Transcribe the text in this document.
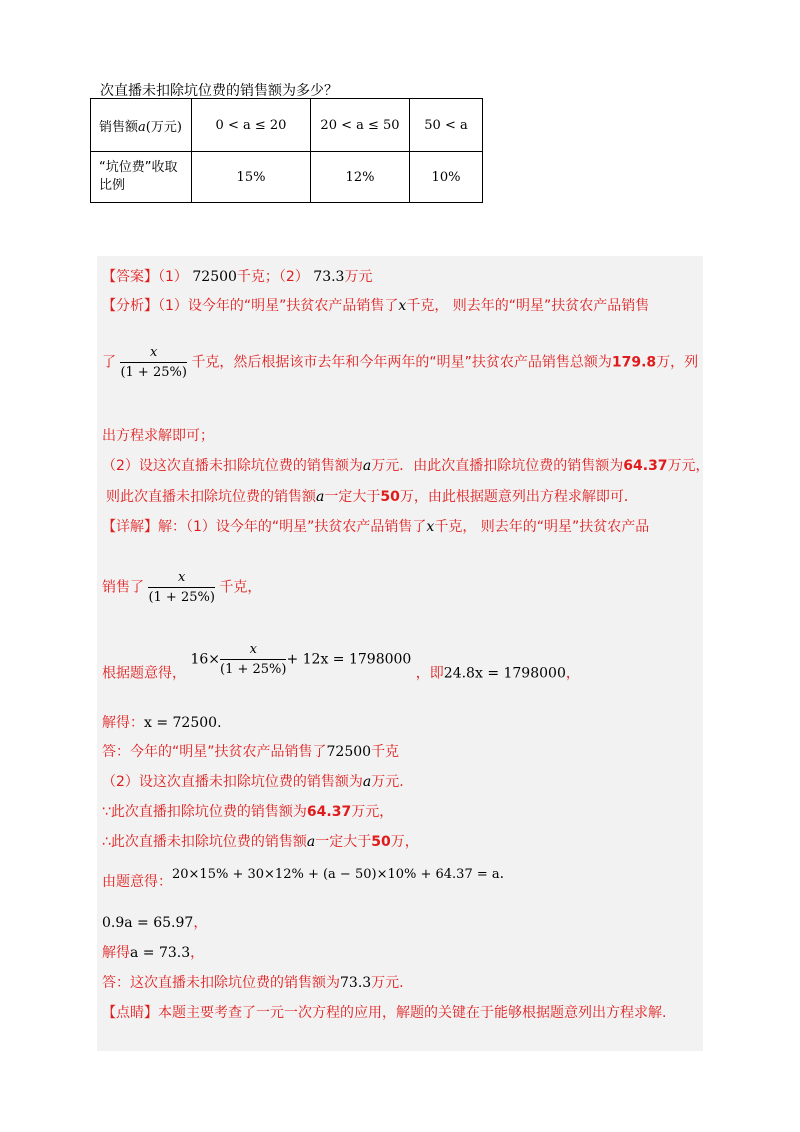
次直播未扣除坑位费的销售额为多少？
销售额a(万元)	0 < a ≤ 20	20 < a ≤ 50	50 < a
“坑位费”收取比例	15%	12%	10%
【答案】（1） 72500千克；（2） 73.3万元
【分析】（1）设今年的“明星”扶贫农产品销售了x千克， 则去年的“明星”扶贫农产品销售
了 $\frac{x}{(1 + 25\%)}$ 千克，然后根据该市去年和今年两年的“明星”扶贫农产品销售总额为179.8万，列
出方程求解即可；
（2）设这次直播未扣除坑位费的销售额为a万元．由此次直播扣除坑位费的销售额为64.37万元，
则此次直播未扣除坑位费的销售额a一定大于50万，由此根据题意列出方程求解即可．
【详解】解：（1）设今年的“明星”扶贫农产品销售了x千克， 则去年的“明星”扶贫农产品
销售了 $\frac{x}{(1 + 25\%)}$ 千克，
根据题意得， $16\times \frac{x}{(1 + 25\%)} + 12x = 1798000$ ，即24.8x = 1798000，
解得：x = 72500.
答：今年的“明星”扶贫农产品销售了72500千克
（2）设这次直播未扣除坑位费的销售额为a万元.
∵此次直播扣除坑位费的销售额为64.37万元，
∴此次直播未扣除坑位费的销售额a一定大于50万，
由题意得：20×15% + 30×12% + (a − 50)×10% + 64.37 = a.
0.9a = 65.97，
解得a = 73.3，
答：这次直播未扣除坑位费的销售额为73.3万元.
【点睛】本题主要考查了一元一次方程的应用，解题的关键在于能够根据题意列出方程求解.
